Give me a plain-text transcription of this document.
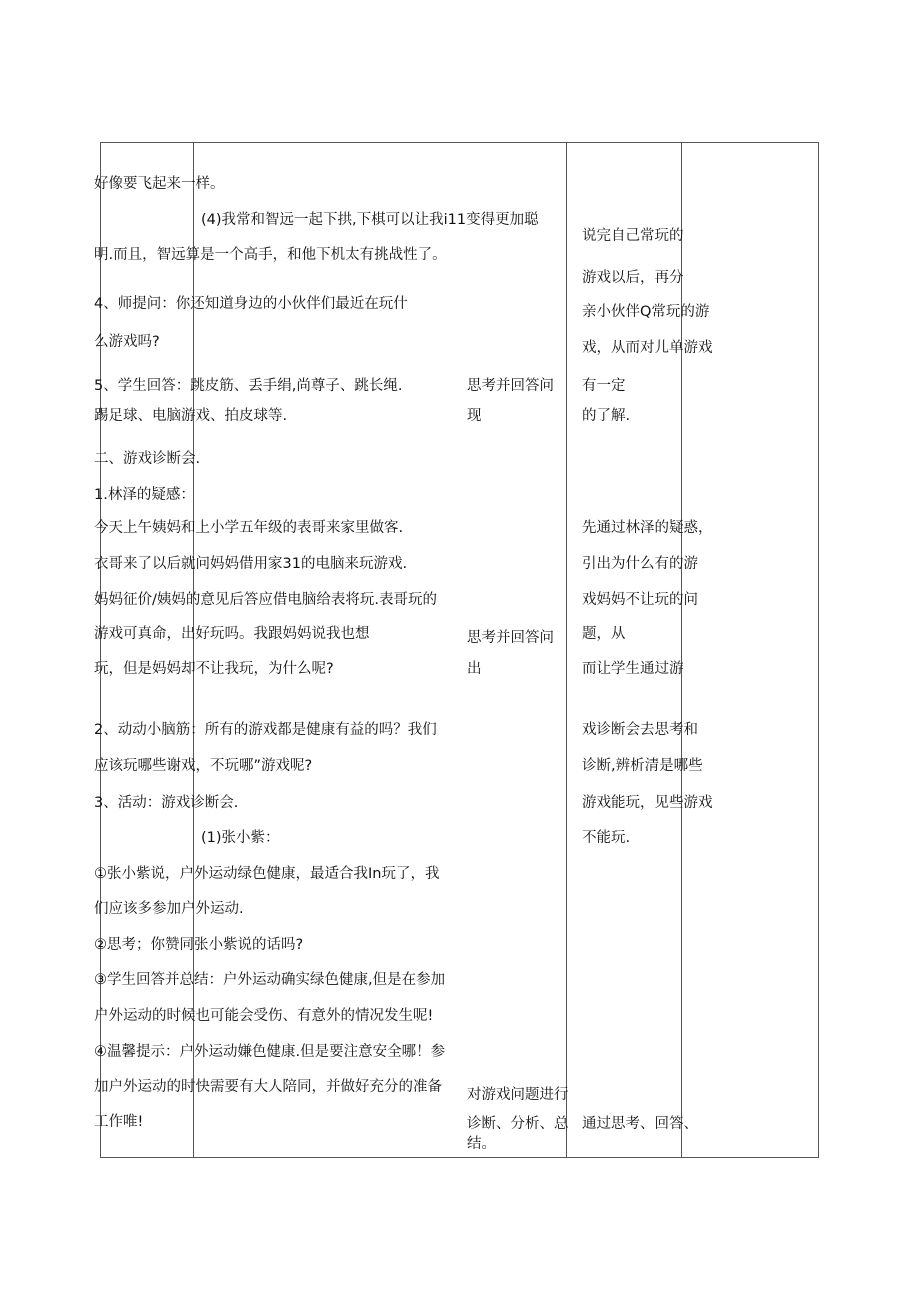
好像要飞起来一样。
(4)我常和智远一起下拱,下棋可以让我i11变得更加聪
明.而且，智远算是一个高手，和他下机太有挑战性了。
4、师提问：你还知道身边的小伙伴们最近在玩什
么游戏吗?
5、学生回答：跳皮筋、丢手绢,尚尊子、跳长绳.
踢足球、电脑游戏、拍皮球等.
二、游戏诊断会.
1.林泽的疑感：
今天上午姨妈和上小学五年级的表哥来家里做客.
衣哥来了以后就问妈妈借用家31的电脑来玩游戏.
妈妈征价/姨妈的意见后答应借电脑给表将玩.表哥玩的
游戏可真命，出好玩吗。我跟妈妈说我也想
玩，但是妈妈却不让我玩，为什么呢?
2、动动小脑筋：所有的游戏都是健康有益的吗？我们
应该玩哪些谢戏，不玩哪”游戏呢?
3、活动：游戏诊断会.
(1)张小紫：
①张小紫说，户外运动绿色健康，最适合我In玩了，我
们应该多参加户外运动.
②思考；你赞同张小紫说的话吗?
③学生回答并总结：户外运动确实绿色健康,但是在参加
户外运动的时候也可能会受伤、有意外的情况发生呢!
④温馨提示：户外运动嫌色健康.但是要注意安全哪！参
加户外运动的时快需要有大人陪同，并做好充分的准备
工作唯!
思考并回答问
现
思考并回答问
出
对游戏问题进行
诊断、分析、总
结。
说完自己常玩的
游戏以后，再分
亲小伙伴Q常玩的游
戏，从而对儿单游戏
有一定
的了解.
先通过林泽的疑惑，
引出为什么有的游
戏妈妈不让玩的问
题，从
而让学生通过游
戏诊断会去思考和
诊断,辨析清是哪些
游戏能玩，见些游戏
不能玩.
通过思考、回答、
